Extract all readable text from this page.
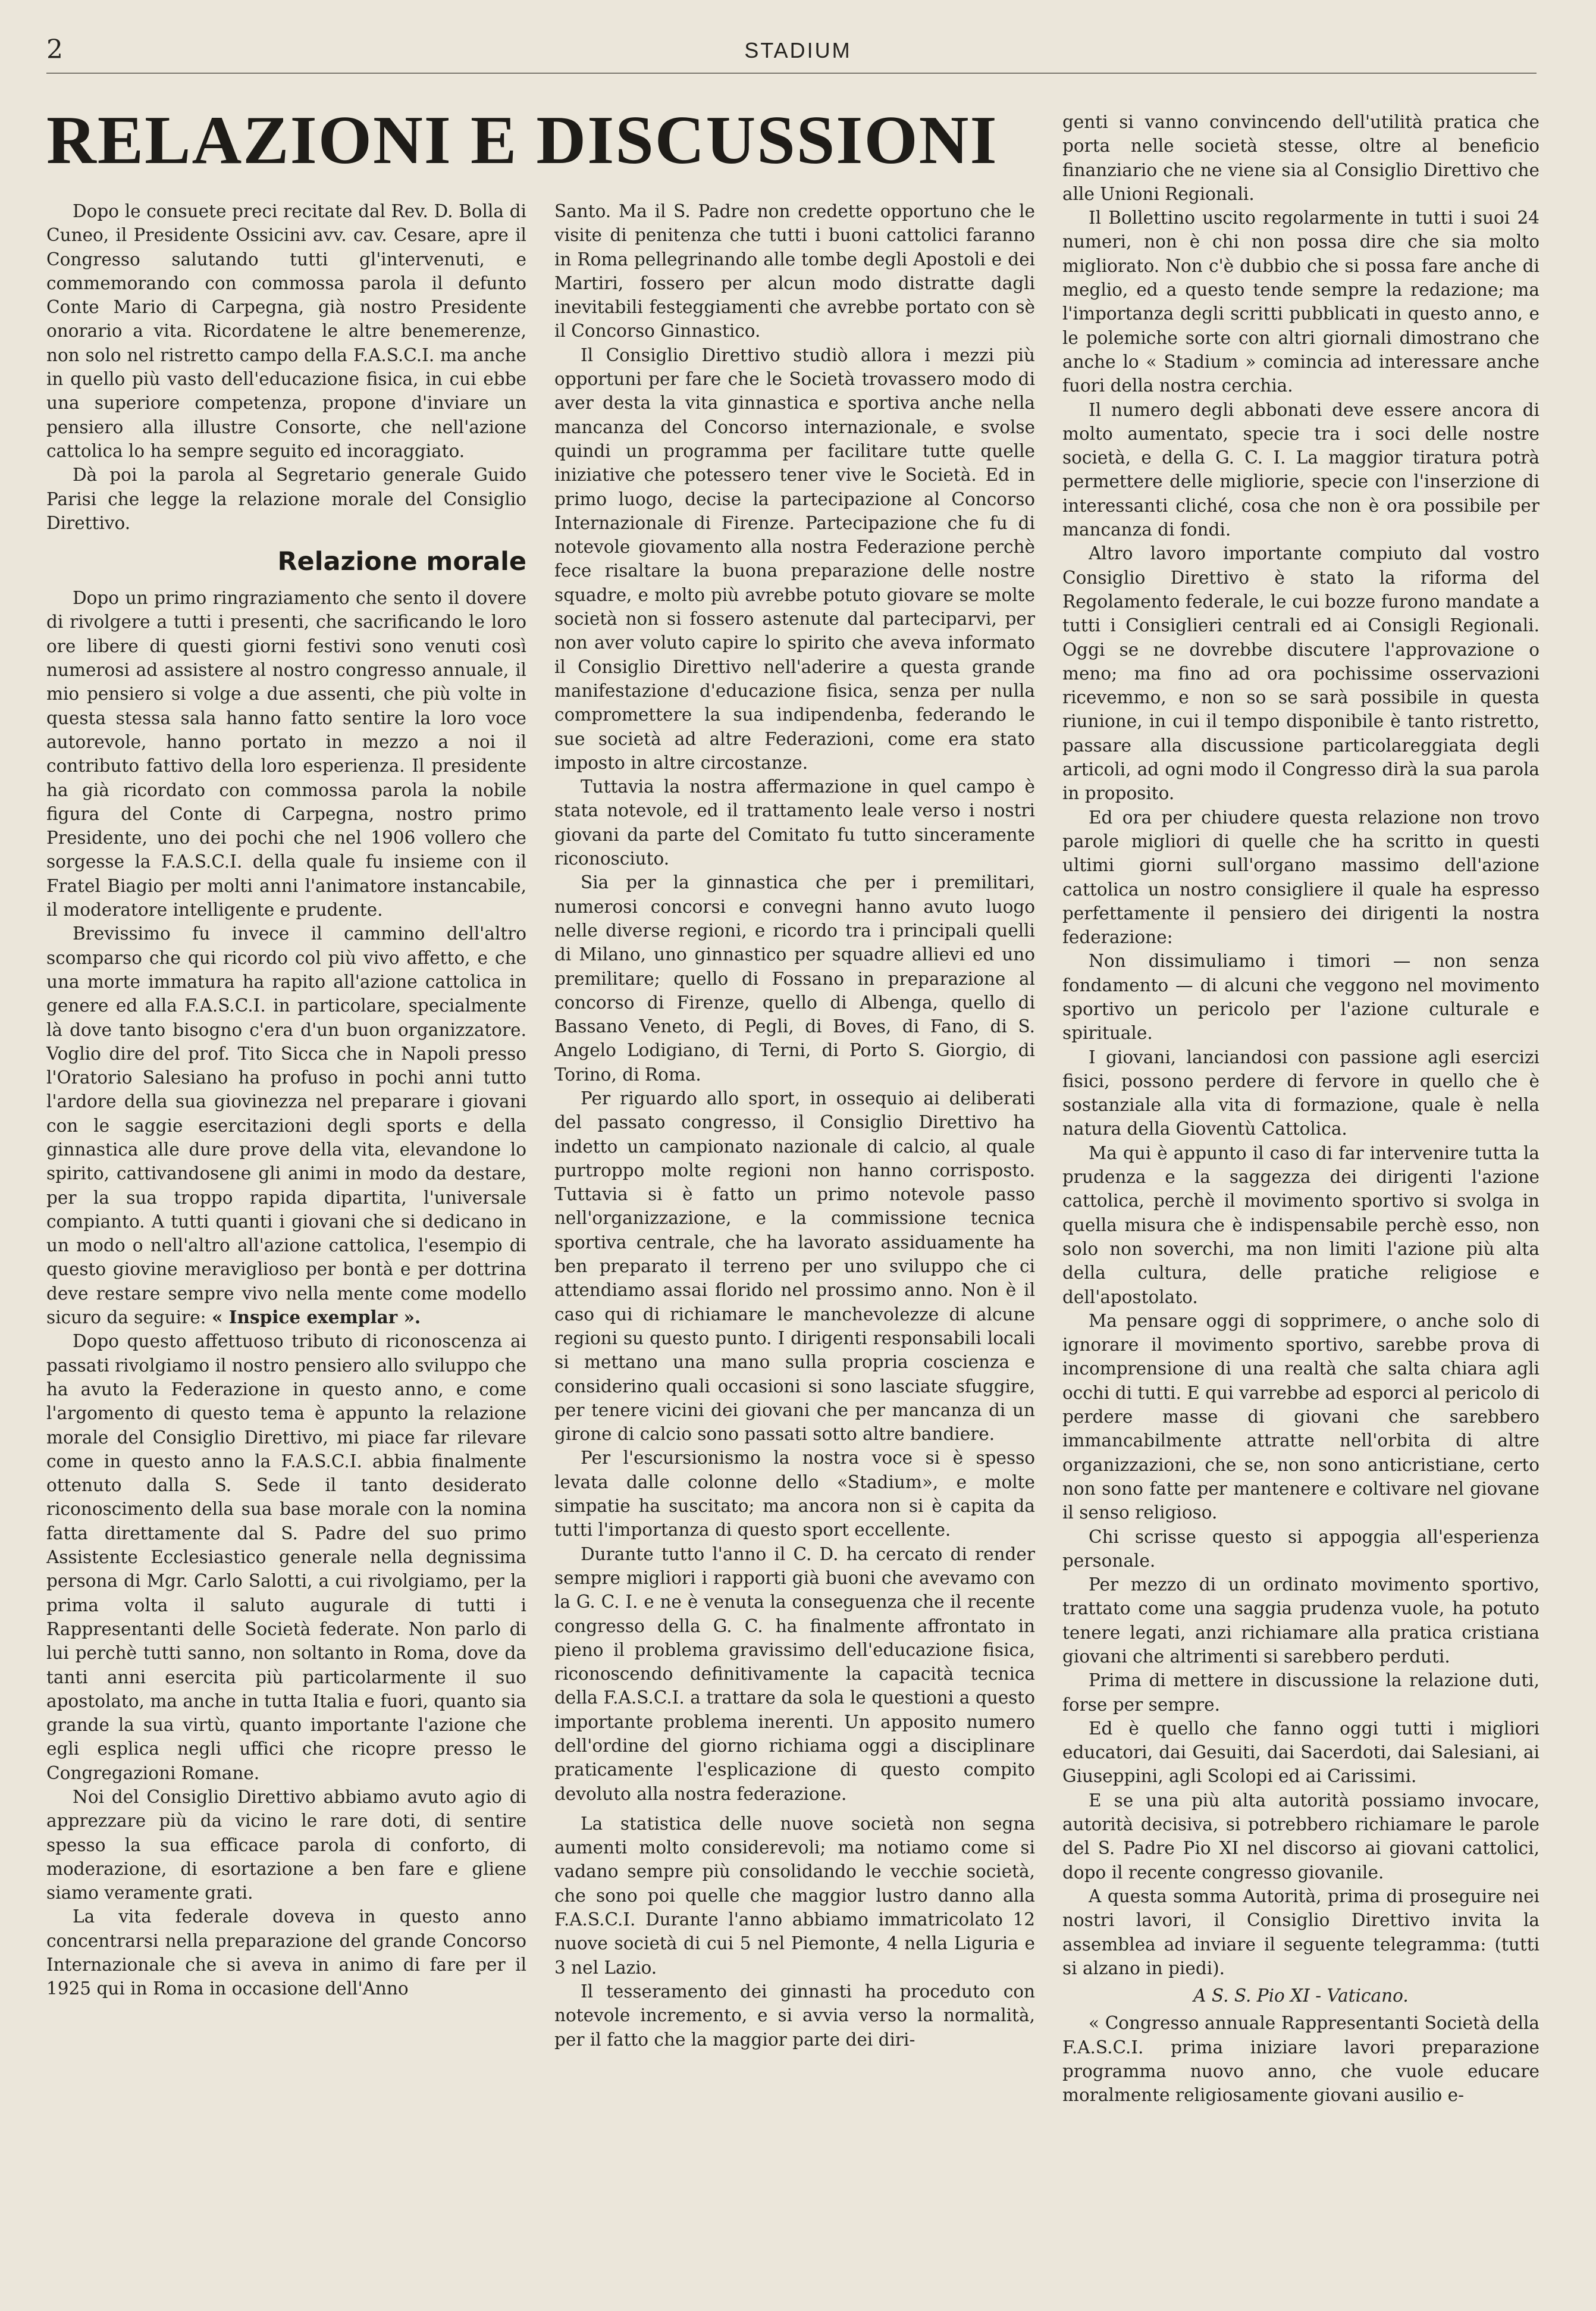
2	STADIUM
RELAZIONI E DISCUSSIONI

Dopo le consuete preci recitate dal Rev. D. Bolla di Cuneo, il Presidente Ossicini avv. cav. Cesare, apre il Congresso salutando tutti gl'intervenuti, e commemorando con commossa parola il defunto Conte Mario di Carpegna, già nostro Presidente onorario a vita. Ricordatene le altre benemerenze, non solo nel ristretto campo della F.A.S.C.I. ma anche in quello più vasto dell'educazione fisica, in cui ebbe una superiore competenza, propone d'inviare un pensiero alla illustre Consorte, che nell'azione cattolica lo ha sempre seguito ed incoraggiato.

Dà poi la parola al Segretario generale Guido Parisi che legge la relazione morale del Consiglio Direttivo.

Relazione morale

Dopo un primo ringraziamento che sento il dovere di rivolgere a tutti i presenti, che sacrificando le loro ore libere di questi giorni festivi sono venuti così numerosi ad assistere al nostro congresso annuale, il mio pensiero si volge a due assenti, che più volte in questa stessa sala hanno fatto sentire la loro voce autorevole, hanno portato in mezzo a noi il contributo fattivo della loro esperienza. Il presidente ha già ricordato con commossa parola la nobile figura del Conte di Carpegna, nostro primo Presidente, uno dei pochi che nel 1906 vollero che sorgesse la F.A.S.C.I. della quale fu insieme con il Fratel Biagio per molti anni l'animatore instancabile, il moderatore intelligente e prudente.

Brevissimo fu invece il cammino dell'altro scomparso che qui ricordo col più vivo affetto, e che una morte immatura ha rapito all'azione cattolica in genere ed alla F.A.S.C.I. in particolare, specialmente là dove tanto bisogno c'era d'un buon organizzatore. Voglio dire del prof. Tito Sicca che in Napoli presso l'Oratorio Salesiano ha profuso in pochi anni tutto l'ardore della sua giovinezza nel preparare i giovani con le saggie esercitazioni degli sports e della ginnastica alle dure prove della vita, elevandone lo spirito, cattivandosene gli animi in modo da destare, per la sua troppo rapida dipartita, l'universale compianto. A tutti quanti i giovani che si dedicano in un modo o nell'altro all'azione cattolica, l'esempio di questo giovine meraviglioso per bontà e per dottrina deve restare sempre vivo nella mente come modello sicuro da seguire: « Inspice exemplar ».

Dopo questo affettuoso tributo di riconoscenza ai passati rivolgiamo il nostro pensiero allo sviluppo che ha avuto la Federazione in questo anno, e come l'argomento di questo tema è appunto la relazione morale del Consiglio Direttivo, mi piace far rilevare come in questo anno la F.A.S.C.I. abbia finalmente ottenuto dalla S. Sede il tanto desiderato riconoscimento della sua base morale con la nomina fatta direttamente dal S. Padre del suo primo Assistente Ecclesiastico generale nella degnissima persona di Mgr. Carlo Salotti, a cui rivolgiamo, per la prima volta il saluto augurale di tutti i Rappresentanti delle Società federate. Non parlo di lui perchè tutti sanno, non soltanto in Roma, dove da tanti anni esercita più particolarmente il suo apostolato, ma anche in tutta Italia e fuori, quanto sia grande la sua virtù, quanto importante l'azione che egli esplica negli uffici che ricopre presso le Congregazioni Romane.

Noi del Consiglio Direttivo abbiamo avuto agio di apprezzare più da vicino le rare doti, di sentire spesso la sua efficace parola di conforto, di moderazione, di esortazione a ben fare e gliene siamo veramente grati.

La vita federale doveva in questo anno concentrarsi nella preparazione del grande Concorso Internazionale che si aveva in animo di fare per il 1925 qui in Roma in occasione dell'Anno

Santo. Ma il S. Padre non credette opportuno che le visite di penitenza che tutti i buoni cattolici faranno in Roma pellegrinando alle tombe degli Apostoli e dei Martiri, fossero per alcun modo distratte dagli inevitabili festeggiamenti che avrebbe portato con sè il Concorso Ginnastico.

Il Consiglio Direttivo studiò allora i mezzi più opportuni per fare che le Società trovassero modo di aver desta la vita ginnastica e sportiva anche nella mancanza del Concorso internazionale, e svolse quindi un programma per facilitare tutte quelle iniziative che potessero tener vive le Società. Ed in primo luogo, decise la partecipazione al Concorso Internazionale di Firenze. Partecipazione che fu di notevole giovamento alla nostra Federazione perchè fece risaltare la buona preparazione delle nostre squadre, e molto più avrebbe potuto giovare se molte società non si fossero astenute dal parteciparvi, per non aver voluto capire lo spirito che aveva informato il Consiglio Direttivo nell'aderire a questa grande manifestazione d'educazione fisica, senza per nulla compromettere la sua indipendenba, federando le sue società ad altre Federazioni, come era stato imposto in altre circostanze.

Tuttavia la nostra affermazione in quel campo è stata notevole, ed il trattamento leale verso i nostri giovani da parte del Comitato fu tutto sinceramente riconosciuto.

Sia per la ginnastica che per i premilitari, numerosi concorsi e convegni hanno avuto luogo nelle diverse regioni, e ricordo tra i principali quelli di Milano, uno ginnastico per squadre allievi ed uno premilitare; quello di Fossano in preparazione al concorso di Firenze, quello di Albenga, quello di Bassano Veneto, di Pegli, di Boves, di Fano, di S. Angelo Lodigiano, di Terni, di Porto S. Giorgio, di Torino, di Roma.

Per riguardo allo sport, in ossequio ai deliberati del passato congresso, il Consiglio Direttivo ha indetto un campionato nazionale di calcio, al quale purtroppo molte regioni non hanno corrisposto. Tuttavia si è fatto un primo notevole passo nell'organizzazione, e la commissione tecnica sportiva centrale, che ha lavorato assiduamente ha ben preparato il terreno per uno sviluppo che ci attendiamo assai florido nel prossimo anno. Non è il caso qui di richiamare le manchevolezze di alcune regioni su questo punto. I dirigenti responsabili locali si mettano una mano sulla propria coscienza e considerino quali occasioni si sono lasciate sfuggire, per tenere vicini dei giovani che per mancanza di un girone di calcio sono passati sotto altre bandiere.

Per l'escursionismo la nostra voce si è spesso levata dalle colonne dello «Stadium», e molte simpatie ha suscitato; ma ancora non si è capita da tutti l'importanza di questo sport eccellente.

Durante tutto l'anno il C. D. ha cercato di render sempre migliori i rapporti già buoni che avevamo con la G. C. I. e ne è venuta la conseguenza che il recente congresso della G. C. ha finalmente affrontato in pieno il problema gravissimo dell'educazione fisica, riconoscendo definitivamente la capacità tecnica della F.A.S.C.I. a trattare da sola le questioni a questo importante problema inerenti. Un apposito numero dell'ordine del giorno richiama oggi a disciplinare praticamente l'esplicazione di questo compito devoluto alla nostra federazione.

La statistica delle nuove società non segna aumenti molto considerevoli; ma notiamo come si vadano sempre più consolidando le vecchie società, che sono poi quelle che maggior lustro danno alla F.A.S.C.I. Durante l'anno abbiamo immatricolato 12 nuove società di cui 5 nel Piemonte, 4 nella Liguria e 3 nel Lazio.

Il tesseramento dei ginnasti ha proceduto con notevole incremento, e si avvia verso la normalità, per il fatto che la maggior parte dei diri-

genti si vanno convincendo dell'utilità pratica che porta nelle società stesse, oltre al beneficio finanziario che ne viene sia al Consiglio Direttivo che alle Unioni Regionali.

Il Bollettino uscito regolarmente in tutti i suoi 24 numeri, non è chi non possa dire che sia molto migliorato. Non c'è dubbio che si possa fare anche di meglio, ed a questo tende sempre la redazione; ma l'importanza degli scritti pubblicati in questo anno, e le polemiche sorte con altri giornali dimostrano che anche lo « Stadium » comincia ad interessare anche fuori della nostra cerchia.

Il numero degli abbonati deve essere ancora di molto aumentato, specie tra i soci delle nostre società, e della G. C. I. La maggior tiratura potrà permettere delle migliorie, specie con l'inserzione di interessanti cliché, cosa che non è ora possibile per mancanza di fondi.

Altro lavoro importante compiuto dal vostro Consiglio Direttivo è stato la riforma del Regolamento federale, le cui bozze furono mandate a tutti i Consiglieri centrali ed ai Consigli Regionali. Oggi se ne dovrebbe discutere l'approvazione o meno; ma fino ad ora pochissime osservazioni ricevemmo, e non so se sarà possibile in questa riunione, in cui il tempo disponibile è tanto ristretto, passare alla discussione particolareggiata degli articoli, ad ogni modo il Congresso dirà la sua parola in proposito.

Ed ora per chiudere questa relazione non trovo parole migliori di quelle che ha scritto in questi ultimi giorni sull'organo massimo dell'azione cattolica un nostro consigliere il quale ha espresso perfettamente il pensiero dei dirigenti la nostra federazione:

Non dissimuliamo i timori — non senza fondamento — di alcuni che veggono nel movimento sportivo un pericolo per l'azione culturale e spirituale.

I giovani, lanciandosi con passione agli esercizi fisici, possono perdere di fervore in quello che è sostanziale alla vita di formazione, quale è nella natura della Gioventù Cattolica.

Ma qui è appunto il caso di far intervenire tutta la prudenza e la saggezza dei dirigenti l'azione cattolica, perchè il movimento sportivo si svolga in quella misura che è indispensabile perchè esso, non solo non soverchi, ma non limiti l'azione più alta della cultura, delle pratiche religiose e dell'apostolato.

Ma pensare oggi di sopprimere, o anche solo di ignorare il movimento sportivo, sarebbe prova di incomprensione di una realtà che salta chiara agli occhi di tutti. E qui varrebbe ad esporci al pericolo di perdere masse di giovani che sarebbero immancabilmente attratte nell'orbita di altre organizzazioni, che se, non sono anticristiane, certo non sono fatte per mantenere e coltivare nel giovane il senso religioso.

Chi scrisse questo si appoggia all'esperienza personale.

Per mezzo di un ordinato movimento sportivo, trattato come una saggia prudenza vuole, ha potuto tenere legati, anzi richiamare alla pratica cristiana giovani che altrimenti si sarebbero perduti.

Prima di mettere in discussione la relazione duti, forse per sempre.

Ed è quello che fanno oggi tutti i migliori educatori, dai Gesuiti, dai Sacerdoti, dai Salesiani, ai Giuseppini, agli Scolopi ed ai Carissimi.

E se una più alta autorità possiamo invocare, autorità decisiva, si potrebbero richiamare le parole del S. Padre Pio XI nel discorso ai giovani cattolici, dopo il recente congresso giovanile.

A questa somma Autorità, prima di proseguire nei nostri lavori, il Consiglio Direttivo invita la assemblea ad inviare il seguente telegramma: (tutti si alzano in piedi).

A S. S. Pio XI - Vaticano.

« Congresso annuale Rappresentanti Società della F.A.S.C.I. prima iniziare lavori preparazione programma nuovo anno, che vuole educare moralmente religiosamente giovani ausilio e-
